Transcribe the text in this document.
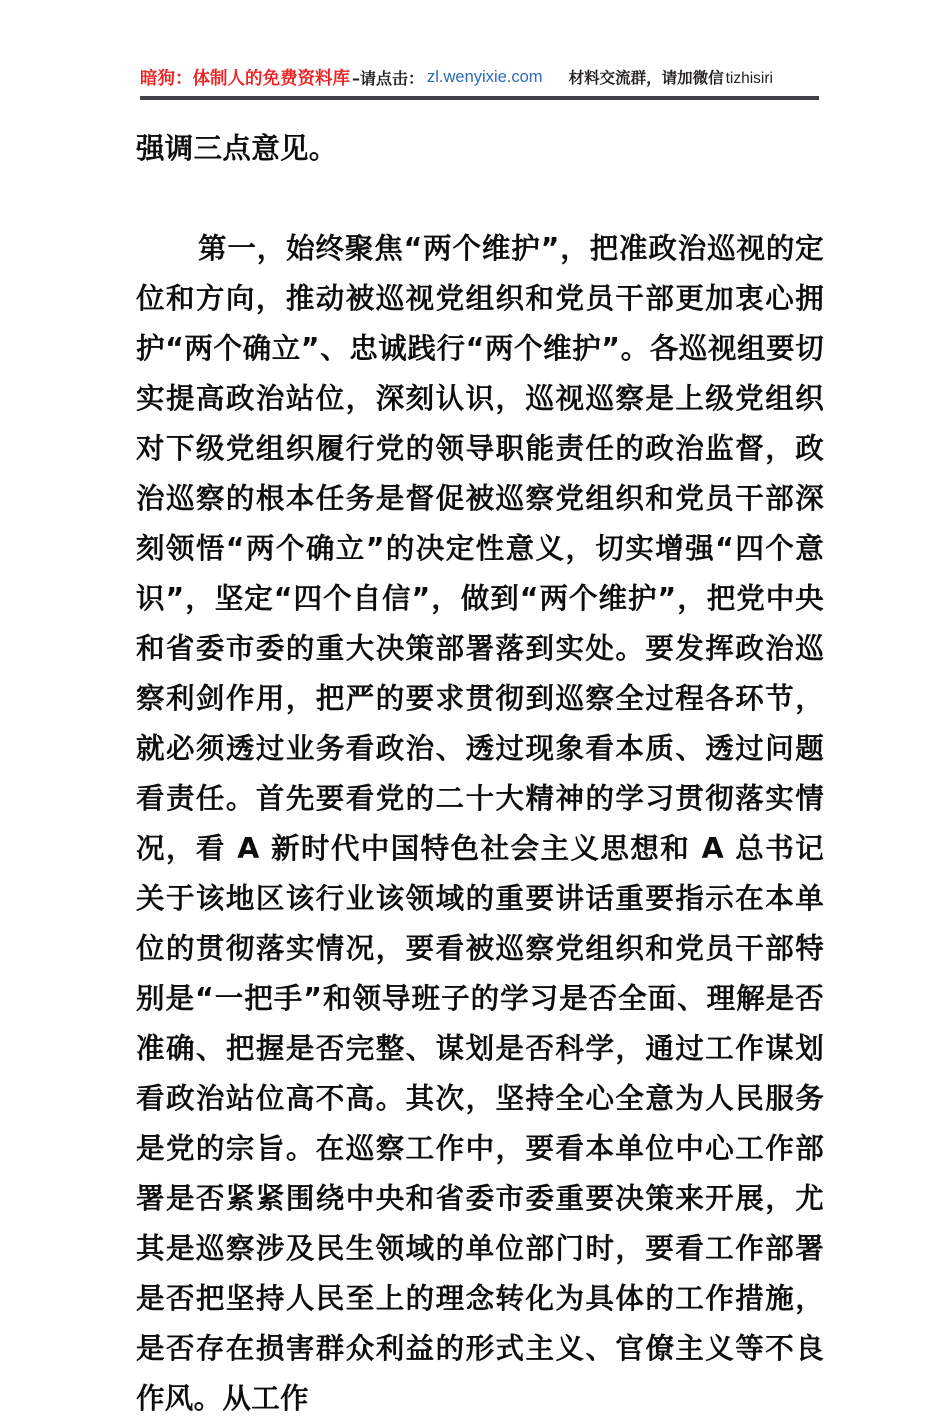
暗狗：体制人的免费资料库 –请点击： zl.wenyixie.com	材料交流群，请加微信 tizhisiri

强调三点意见。

第一，始终聚焦“两个维护”，把准政治巡视的定位和方向，推动被巡视党组织和党员干部更加衷心拥护“两个确立”、忠诚践行“两个维护”。各巡视组要切实提高政治站位，深刻认识，巡视巡察是上级党组织对下级党组织履行党的领导职能责任的政治监督，政治巡察的根本任务是督促被巡察党组织和党员干部深刻领悟“两个确立”的决定性意义，切实增强“四个意识”，坚定“四个自信”，做到“两个维护”，把党中央和省委市委的重大决策部署落到实处。要发挥政治巡察利剑作用，把严的要求贯彻到巡察全过程各环节，就必须透过业务看政治、透过现象看本质、透过问题看责任。首先要看党的二十大精神的学习贯彻落实情况，看 A 新时代中国特色社会主义思想和 A 总书记关于该地区该行业该领域的重要讲话重要指示在本单位的贯彻落实情况，要看被巡察党组织和党员干部特别是“一把手”和领导班子的学习是否全面、理解是否准确、把握是否完整、谋划是否科学，通过工作谋划看政治站位高不高。其次，坚持全心全意为人民服务是党的宗旨。在巡察工作中，要看本单位中心工作部署是否紧紧围绕中央和省委市委重要决策来开展，尤其是巡察涉及民生领域的单位部门时，要看工作部署是否把坚持人民至上的理念转化为具体的工作措施，是否存在损害群众利益的形式主义、官僚主义等不良作风。从工作
